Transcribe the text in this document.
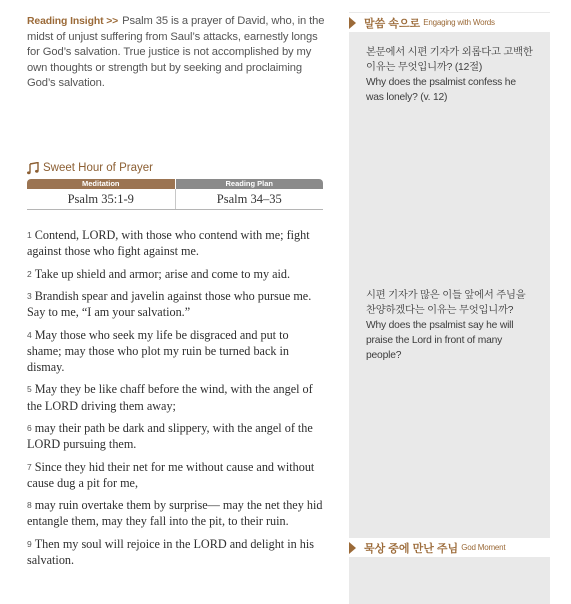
Reading Insight >> Psalm 35 is a prayer of David, who, in the midst of unjust suffering from Saul’s attacks, earnestly longs for God’s salvation. True justice is not accomplished by my own thoughts or strength but by seeking and proclaiming God’s salvation.
Sweet Hour of Prayer
Meditation	Reading Plan
Psalm 35:1-9	Psalm 34–35
1 Contend, LORD, with those who contend with me; fight against those who fight against me.
2 Take up shield and armor; arise and come to my aid.
3 Brandish spear and javelin against those who pursue me. Say to me, “I am your salvation.”
4 May those who seek my life be disgraced and put to shame; may those who plot my ruin be turned back in dismay.
5 May they be like chaff before the wind, with the angel of the LORD driving them away;
6 may their path be dark and slippery, with the angel of the LORD pursuing them.
7 Since they hid their net for me without cause and without cause dug a pit for me,
8 may ruin overtake them by surprise— may the net they hid entangle them, may they fall into the pit, to their ruin.
9 Then my soul will rejoice in the LORD and delight in his salvation.
말씀 속으로 Engaging with Words
본문에서 시편 기자가 외롭다고 고백한 이유는 무엇입니까? (12절)
Why does the psalmist confess he was lonely? (v. 12)
시편 기자가 많은 이들 앞에서 주님을 찬양하겠다는 이유는 무엇입니까?
Why does the psalmist say he will praise the Lord in front of many people?
묵상 중에 만난 주님 God Moment
